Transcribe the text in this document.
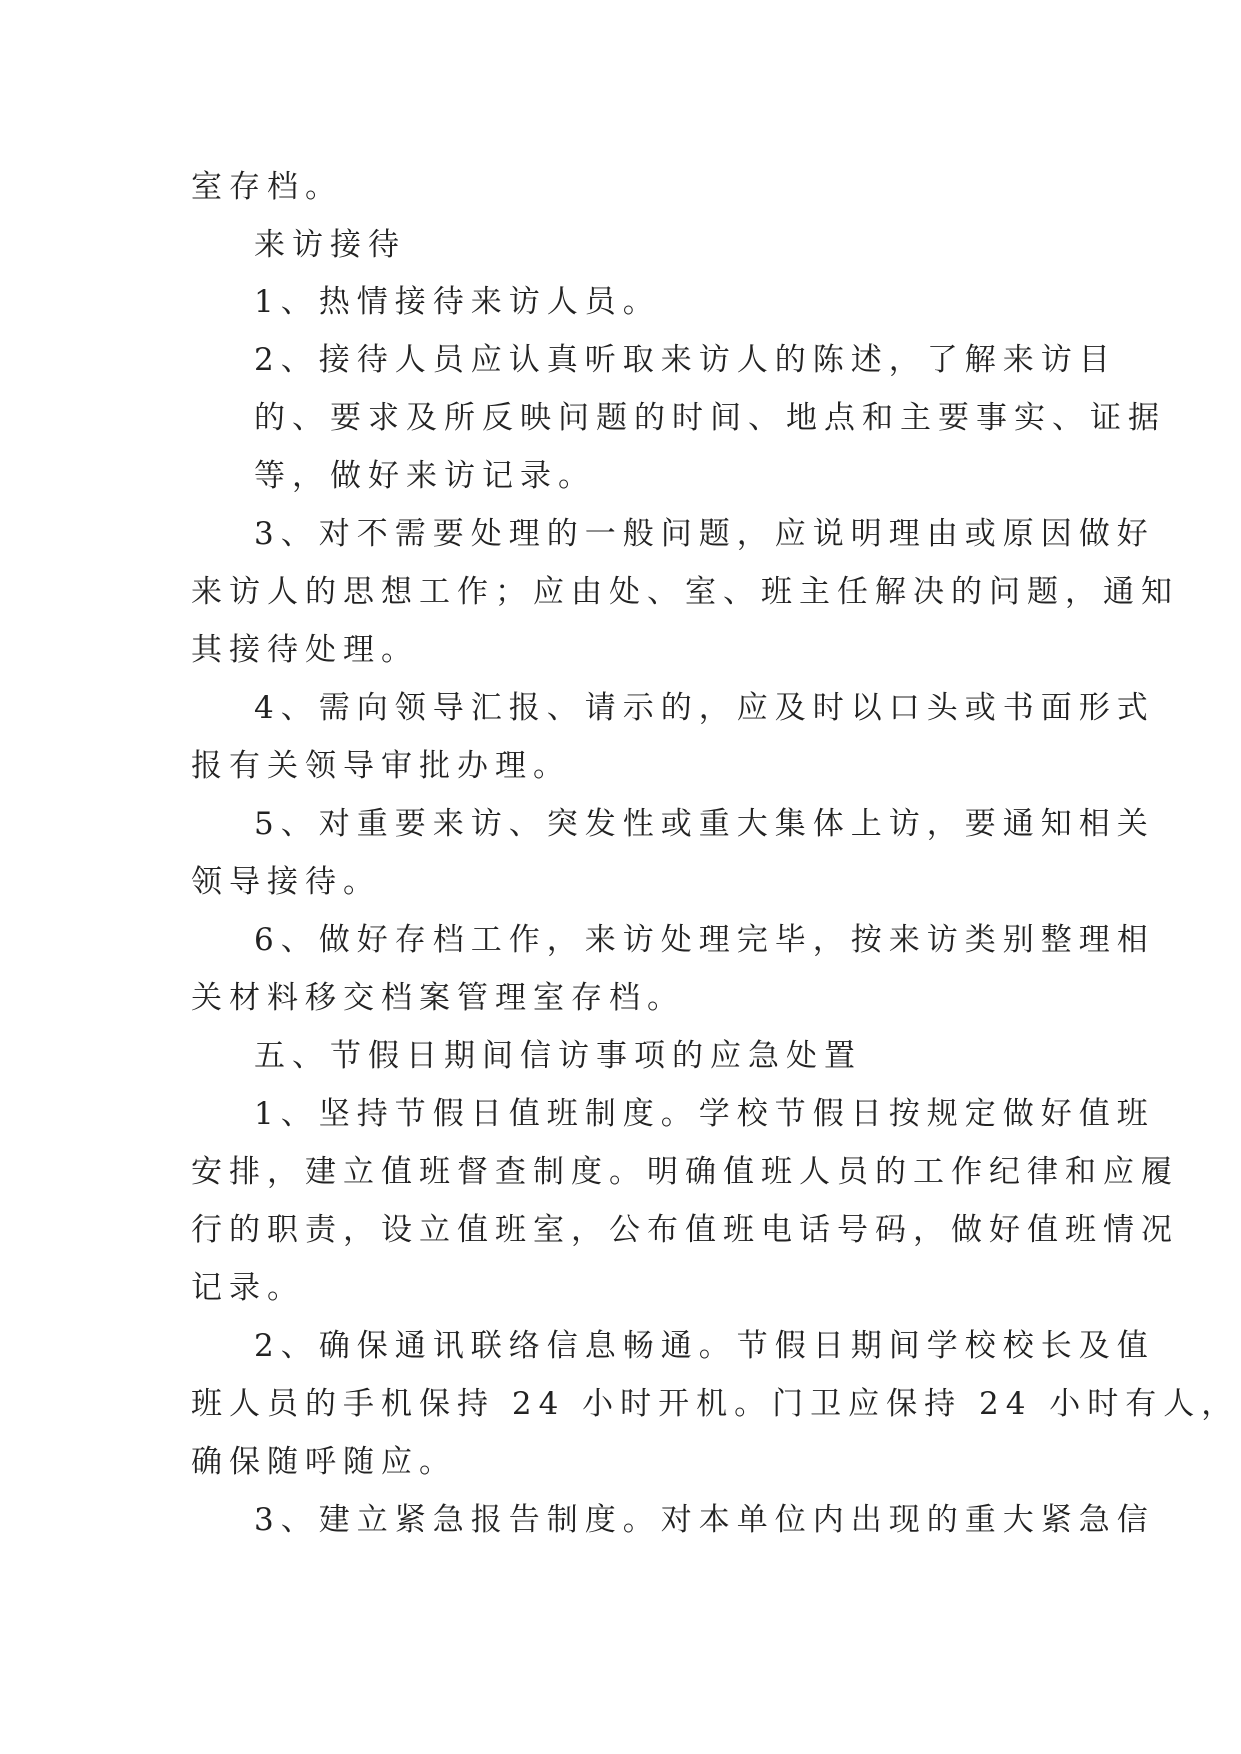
室存档。
来访接待
1、热情接待来访人员。
2、接待人员应认真听取来访人的陈述，了解来访目
的、要求及所反映问题的时间、地点和主要事实、证据
等，做好来访记录。
3、对不需要处理的一般问题，应说明理由或原因做好
来访人的思想工作；应由处、室、班主任解决的问题，通知
其接待处理。
4、需向领导汇报、请示的，应及时以口头或书面形式
报有关领导审批办理。
5、对重要来访、突发性或重大集体上访，要通知相关
领导接待。
6、做好存档工作，来访处理完毕，按来访类别整理相
关材料移交档案管理室存档。
五、节假日期间信访事项的应急处置
1、坚持节假日值班制度。学校节假日按规定做好值班
安排，建立值班督查制度。明确值班人员的工作纪律和应履
行的职责，设立值班室，公布值班电话号码，做好值班情况
记录。
2、确保通讯联络信息畅通。节假日期间学校校长及值
班人员的手机保持 24 小时开机。门卫应保持 24 小时有人，
确保随呼随应。
3、建立紧急报告制度。对本单位内出现的重大紧急信
